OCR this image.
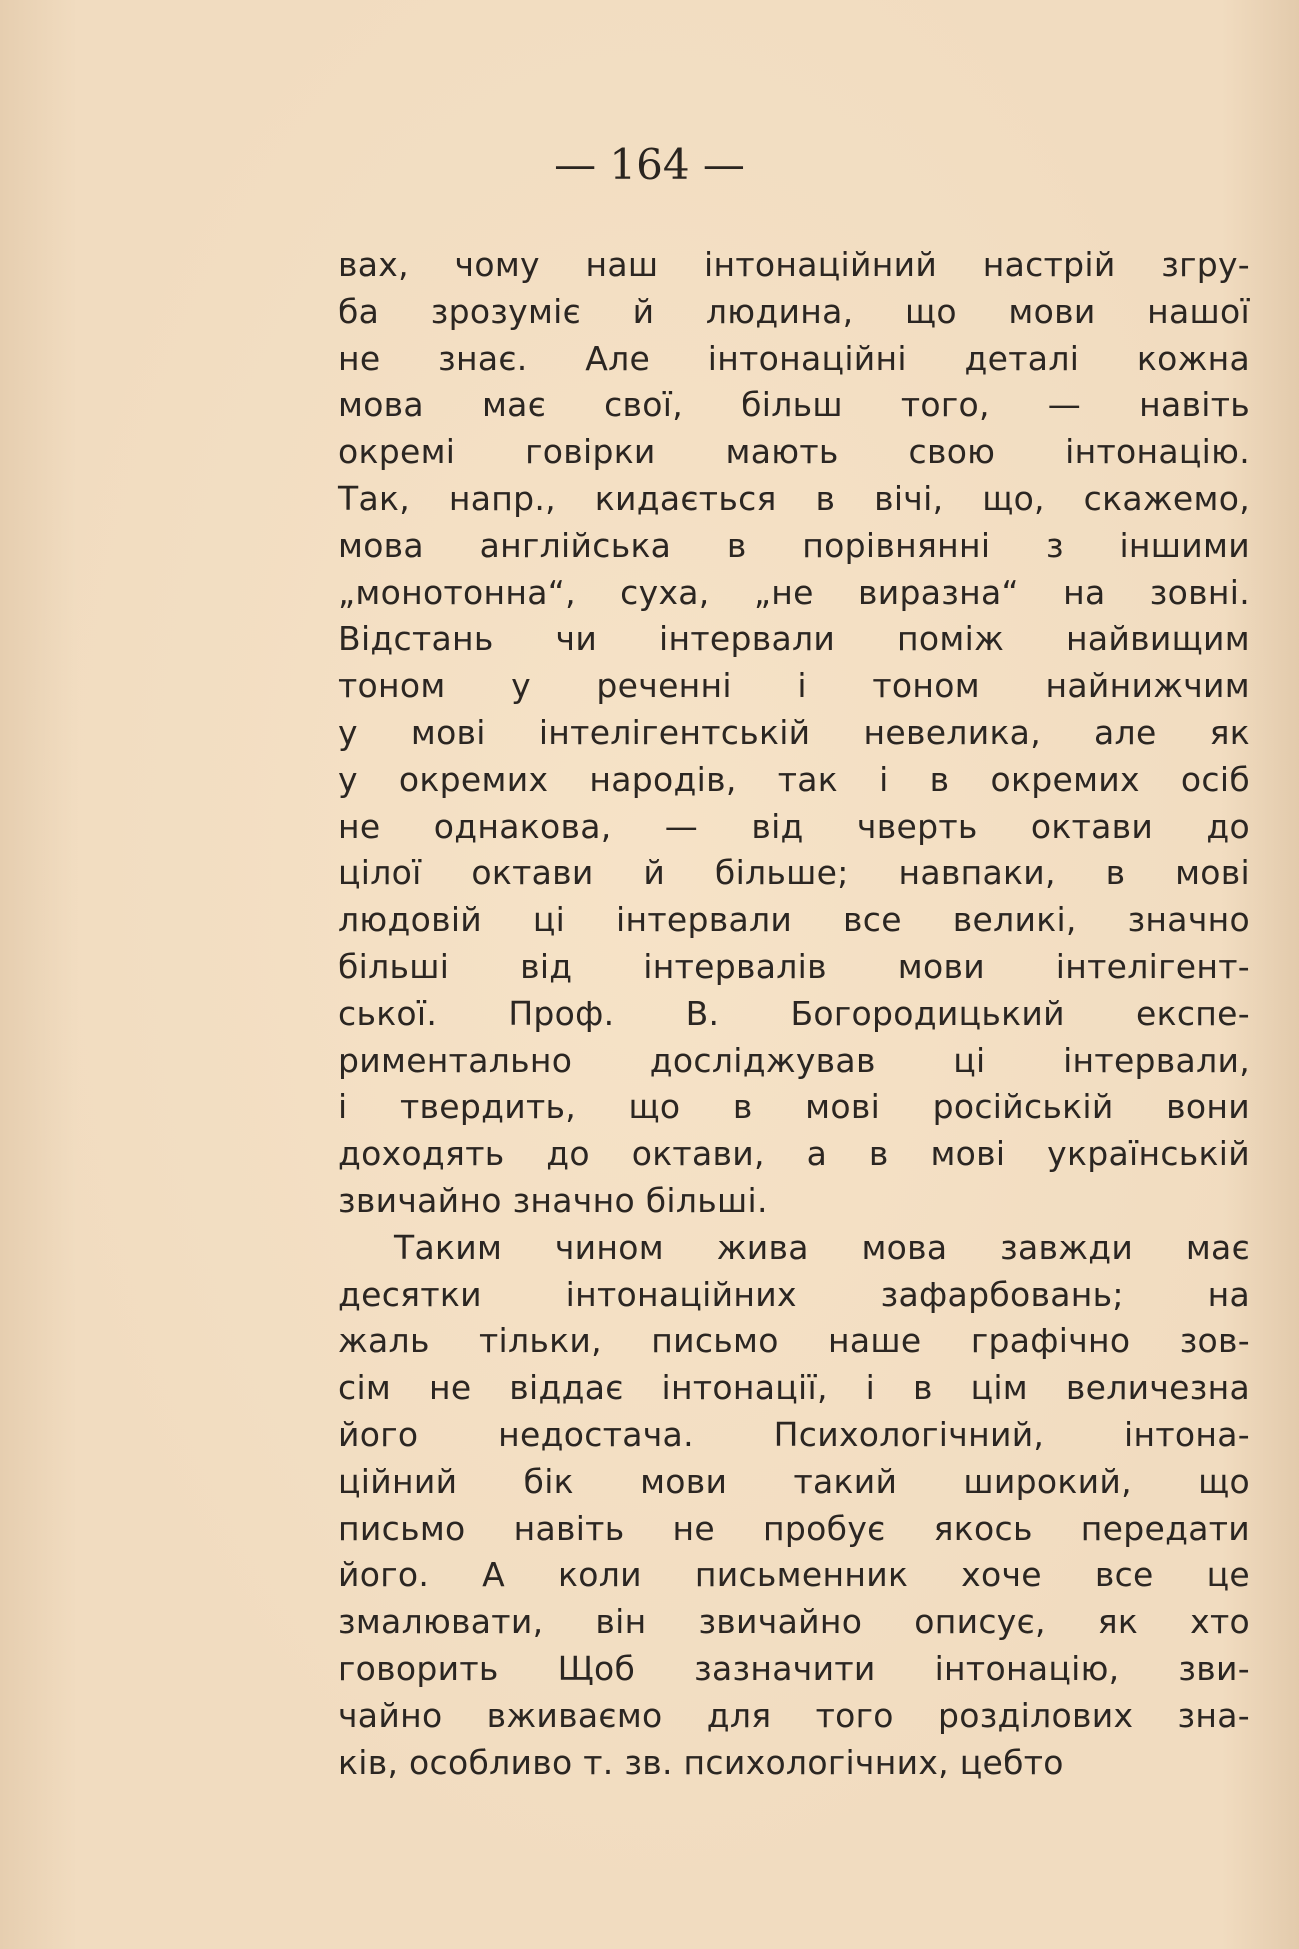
— 164 —
вах, чому наш інтонаційний настрій згру-
ба зрозуміє й людина, що мови нашої
не знає. Але інтонаційні деталі кожна
мова має свої, більш того, — навіть
окремі говірки мають свою інтонацію.
Так, напр., кидається в вічі, що, скажемо,
мова англійська в порівнянні з іншими
„монотонна“, суха, „не виразна“ на зовні.
Відстань чи інтервали поміж найвищим
тоном у реченні і тоном найнижчим
у мові інтелігентській невелика, але як
у окремих народів, так і в окремих осіб
не однакова, — від чверть октави до
цілої октави й більше; навпаки, в мові
людовій ці інтервали все великі, значно
більші від інтервалів мови інтелігент-
ської. Проф. В. Богородицький експе-
риментально досліджував ці інтервали,
і твердить, що в мові російській вони
доходять до октави, а в мові українській
звичайно значно більші.
Таким чином жива мова завжди має
десятки інтонаційних зафарбовань; на
жаль тільки, письмо наше графічно зов-
сім не віддає інтонації, і в цім величезна
його недостача. Психологічний, інтона-
ційний бік мови такий широкий, що
письмо навіть не пробує якось передати
його. А коли письменник хоче все це
змалювати, він звичайно описує, як хто
говорить Щоб зазначити інтонацію, зви-
чайно вживаємо для того розділових зна-
ків, особливо т. зв. психологічних, цебто
